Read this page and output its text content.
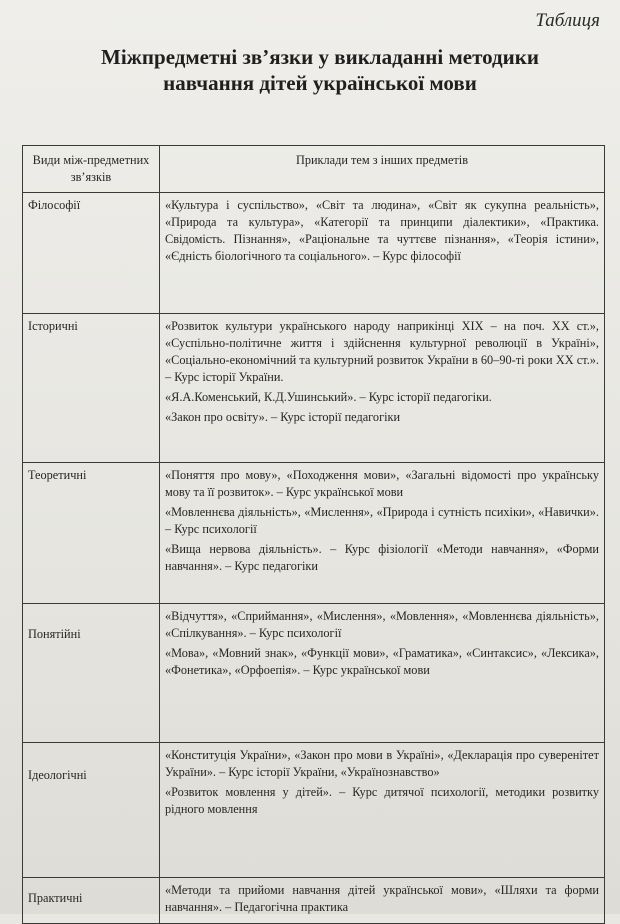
Таблиця
Міжпредметні зв’язки у викладанні методики
навчання дітей української мови
Види між-предметних зв’язків	Приклади тем з інших предметів
Філософії	«Культура і суспільство», «Світ та людина», «Світ як сукупна реальність», «Природа та культура», «Категорії та принципи діалектики», «Практика. Свідомість. Пізнання», «Раціональне та чуттєве пізнання», «Теорія істини», «Єдність біологічного та соціального». – Курс філософії

Історичні	«Розвиток культури українського народу наприкінці XIX – на поч. XX ст.», «Суспільно-політичне життя і здійснення культурної революції в Україні», «Соціально-економічний та культурний розвиток України в 60–90-ті роки XX ст.». – Курс історії України.

«Я.А.Коменський, К.Д.Ушинський». – Курс історії педагогіки.

«Закон про освіту». – Курс історії педагогіки

Теоретичні	«Поняття про мову», «Походження мови», «Загальні відомості про українську мову та її розвиток». – Курс української мови

«Мовленнєва діяльність», «Мислення», «Природа і сутність психіки», «Навички». – Курс психології

«Вища нервова діяльність». – Курс фізіології «Методи навчання», «Форми навчання». – Курс педагогіки

Понятійні	«Відчуття», «Сприймання», «Мислення», «Мовлення», «Мовленнєва діяльність», «Спілкування». – Курс психології

«Мова», «Мовний знак», «Функції мови», «Граматика», «Синтаксис», «Лексика», «Фонетика», «Орфоепія». – Курс української мови

Ідеологічні	«Конституція України», «Закон про мови в Україні», «Декларація про суверенітет України». – Курс історії України, «Українознавство»

«Розвиток мовлення у дітей». – Курс дитячої психології, методики розвитку рідного мовлення

Практичні	«Методи та прийоми навчання дітей української мови», «Шляхи та форми навчання». – Педагогічна практика
